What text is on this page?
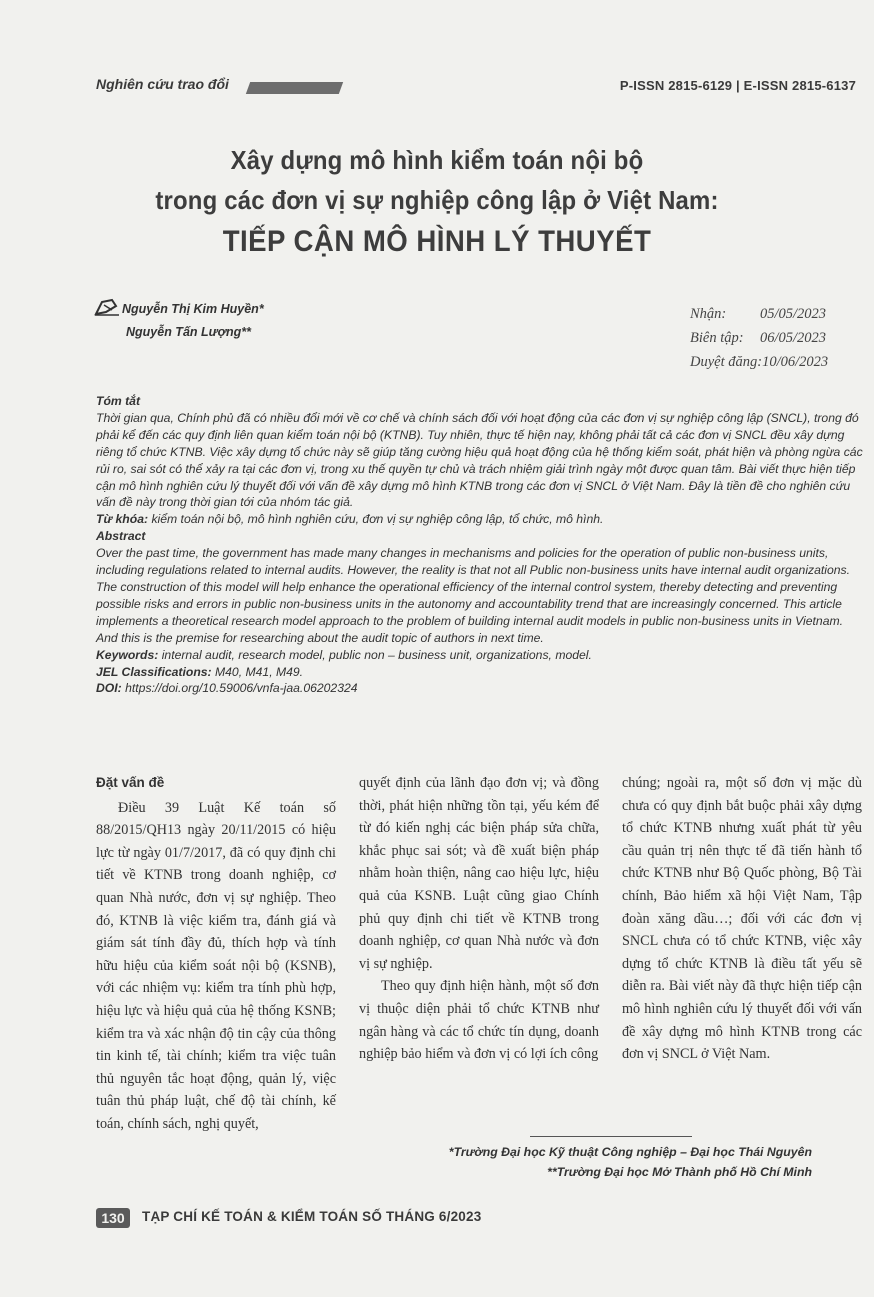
Nghiên cứu trao đổi	P-ISSN 2815-6129 | E-ISSN 2815-6137
Xây dựng mô hình kiểm toán nội bộ
trong các đơn vị sự nghiệp công lập ở Việt Nam:
TIẾP CẬN MÔ HÌNH LÝ THUYẾT
Nguyễn Thị Kim Huyền*
Nguyễn Tấn Lượng**
Nhận:	05/05/2023
Biên tập:	06/05/2023
Duyệt đăng: 10/06/2023
Tóm tắt
Thời gian qua, Chính phủ đã có nhiều đổi mới về cơ chế và chính sách đối với hoạt động của các đơn vị sự nghiệp công lập (SNCL), trong đó phải kể đến các quy định liên quan kiểm toán nội bộ (KTNB). Tuy nhiên, thực tế hiện nay, không phải tất cả các đơn vị SNCL đều xây dựng riêng tổ chức KTNB. Việc xây dựng tổ chức này sẽ giúp tăng cường hiệu quả hoạt động của hệ thống kiểm soát, phát hiện và phòng ngừa các rủi ro, sai sót có thể xảy ra tại các đơn vị, trong xu thế quyền tự chủ và trách nhiệm giải trình ngày một được quan tâm. Bài viết thực hiện tiếp cận mô hình nghiên cứu lý thuyết đối với vấn đề xây dựng mô hình KTNB trong các đơn vị SNCL ở Việt Nam. Đây là tiền đề cho nghiên cứu vấn đề này trong thời gian tới của nhóm tác giả.
Từ khóa: kiểm toán nội bộ, mô hình nghiên cứu, đơn vị sự nghiệp công lập, tổ chức, mô hình.
Abstract
Over the past time, the government has made many changes in mechanisms and policies for the operation of public non-business units, including regulations related to internal audits. However, the reality is that not all Public non-business units have internal audit organizations. The construction of this model will help enhance the operational efficiency of the internal control system, thereby detecting and preventing possible risks and errors in public non-business units in the autonomy and accountability trend that are increasingly concerned. This article implements a theoretical research model approach to the problem of building internal audit models in public non-business units in Vietnam. And this is the premise for researching about the audit topic of authors in next time.
Keywords: internal audit, research model, public non – business unit, organizations, model.
JEL Classifications: M40, M41, M49.
DOI: https://doi.org/10.59006/vnfa-jaa.06202324

Đặt vấn đề

Điều 39 Luật Kế toán số 88/2015/QH13 ngày 20/11/2015 có hiệu lực từ ngày 01/7/2017, đã có quy định chi tiết về KTNB trong doanh nghiệp, cơ quan Nhà nước, đơn vị sự nghiệp. Theo đó, KTNB là việc kiểm tra, đánh giá và giám sát tính đầy đủ, thích hợp và tính hữu hiệu của kiểm soát nội bộ (KSNB), với các nhiệm vụ: kiểm tra tính phù hợp, hiệu lực và hiệu quả của hệ thống KSNB; kiểm tra và xác nhận độ tin cậy của thông tin kinh tế, tài chính; kiểm tra việc tuân thủ nguyên tắc hoạt động, quản lý, việc tuân thủ pháp luật, chế độ tài chính, kế toán, chính sách, nghị quyết,

quyết định của lãnh đạo đơn vị; và đồng thời, phát hiện những tồn tại, yếu kém để từ đó kiến nghị các biện pháp sửa chữa, khắc phục sai sót; và đề xuất biện pháp nhằm hoàn thiện, nâng cao hiệu lực, hiệu quả của KSNB. Luật cũng giao Chính phủ quy định chi tiết về KTNB trong doanh nghiệp, cơ quan Nhà nước và đơn vị sự nghiệp.

Theo quy định hiện hành, một số đơn vị thuộc diện phải tổ chức KTNB như ngân hàng và các tổ chức tín dụng, doanh nghiệp bảo hiểm và đơn vị có lợi ích công

chúng; ngoài ra, một số đơn vị mặc dù chưa có quy định bắt buộc phải xây dựng tổ chức KTNB nhưng xuất phát từ yêu cầu quản trị nên thực tế đã tiến hành tổ chức KTNB như Bộ Quốc phòng, Bộ Tài chính, Bảo hiểm xã hội Việt Nam, Tập đoàn xăng dầu…; đối với các đơn vị SNCL chưa có tổ chức KTNB, việc xây dựng tổ chức KTNB là điều tất yếu sẽ diễn ra. Bài viết này đã thực hiện tiếp cận mô hình nghiên cứu lý thuyết đối với vấn đề xây dựng mô hình KTNB trong các đơn vị SNCL ở Việt Nam.

*Trường Đại học Kỹ thuật Công nghiệp – Đại học Thái Nguyên
**Trường Đại học Mở Thành phố Hồ Chí Minh
130	TẠP CHÍ KẾ TOÁN & KIỂM TOÁN SỐ THÁNG 6/2023
